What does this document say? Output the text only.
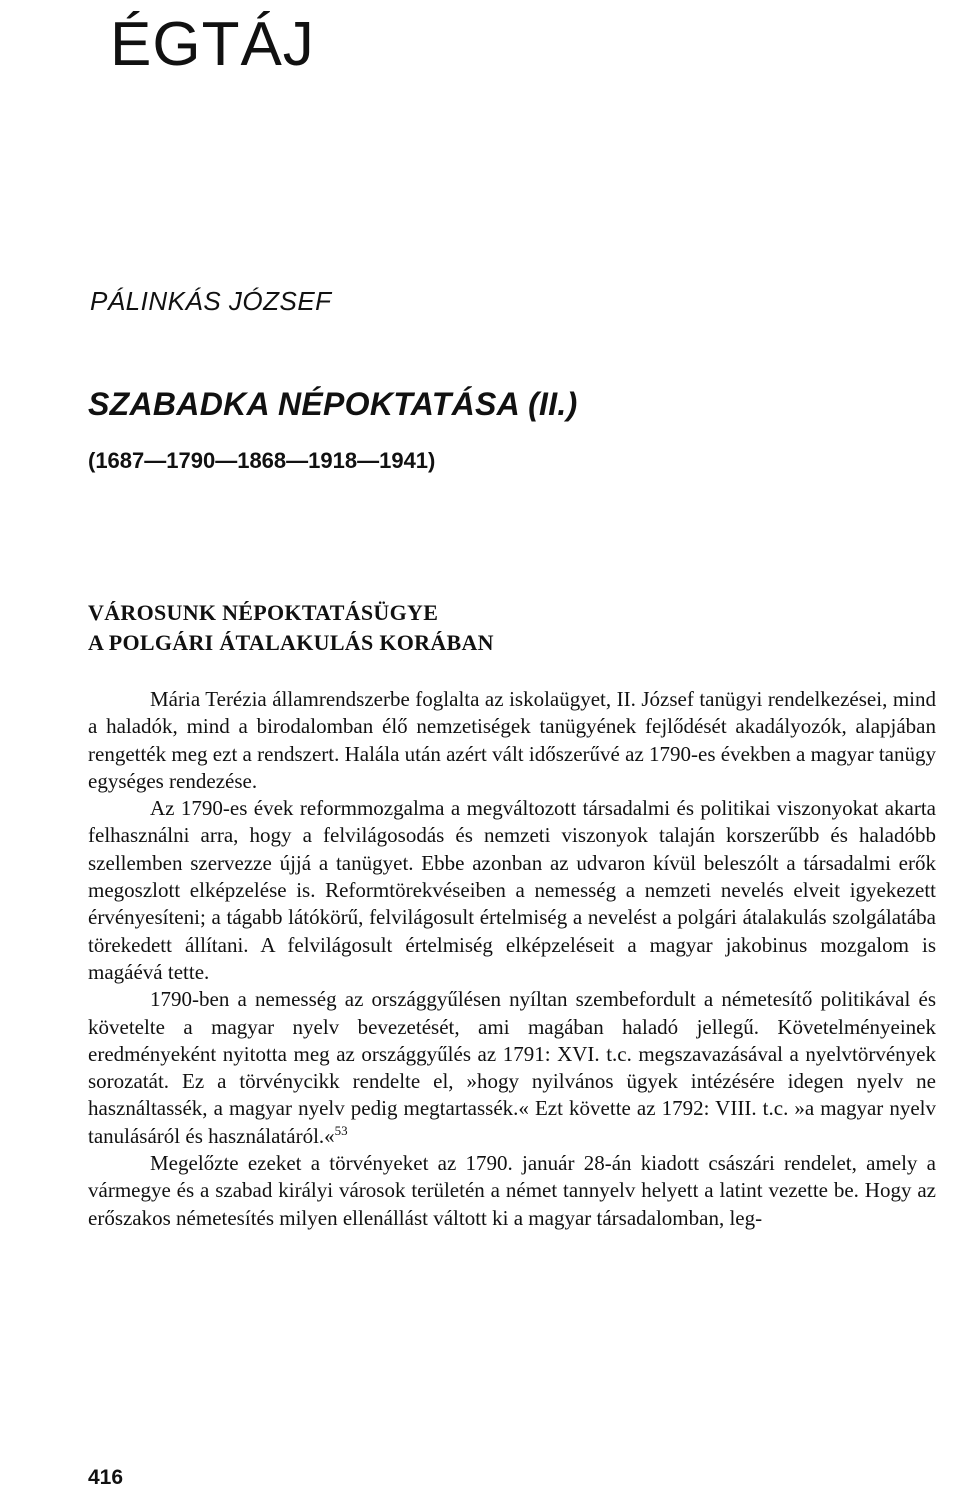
ÉGTÁJ

PÁLINKÁS JÓZSEF

SZABADKA NÉPOKTATÁSA (II.)

(1687—1790—1868—1918—1941)

VÁROSUNK NÉPOKTATÁSÜGYE
A POLGÁRI ÁTALAKULÁS KORÁBAN

Mária Terézia államrendszerbe foglalta az iskolaügyet, II. József tanügyi rendelkezései, mind a haladók, mind a birodalomban élő nemzetiségek tanügyének fejlődését akadályozók, alapjában rengették meg ezt a rendszert. Halála után azért vált időszerűvé az 1790-es években a magyar tanügy egységes rendezése.

Az 1790-es évek reformmozgalma a megváltozott társadalmi és politikai viszonyokat akarta felhasználni arra, hogy a felvilágosodás és nemzeti viszonyok talaján korszerűbb és haladóbb szellemben szervezze újjá a tanügyet. Ebbe azonban az udvaron kívül beleszólt a társadalmi erők megoszlott elképzelése is. Reformtörekvéseiben a nemesség a nemzeti nevelés elveit igyekezett érvényesíteni; a tágabb látókörű, felvilágosult értelmiség a nevelést a polgári átalakulás szolgálatába törekedett állítani. A felvilágosult értelmiség elképzeléseit a magyar jakobinus mozgalom is magáévá tette.

1790-ben a nemesség az országgyűlésen nyíltan szembefordult a németesítő politikával és követelte a magyar nyelv bevezetését, ami magában haladó jellegű. Követelményeinek eredményeként nyitotta meg az országgyűlés az 1791: XVI. t.c. megszavazásával a nyelvtörvények sorozatát. Ez a törvénycikk rendelte el, »hogy nyilvános ügyek intézésére idegen nyelv ne használtassék, a magyar nyelv pedig megtartassék.« Ezt követte az 1792: VIII. t.c. »a magyar nyelv tanulásáról és használatáról.«$^{53}$

Megelőzte ezeket a törvényeket az 1790. január 28-án kiadott császári rendelet, amely a vármegye és a szabad királyi városok területén a német tannyelv helyett a latint vezette be. Hogy az erőszakos németesítés milyen ellenállást váltott ki a magyar társadalomban, leg-

416
